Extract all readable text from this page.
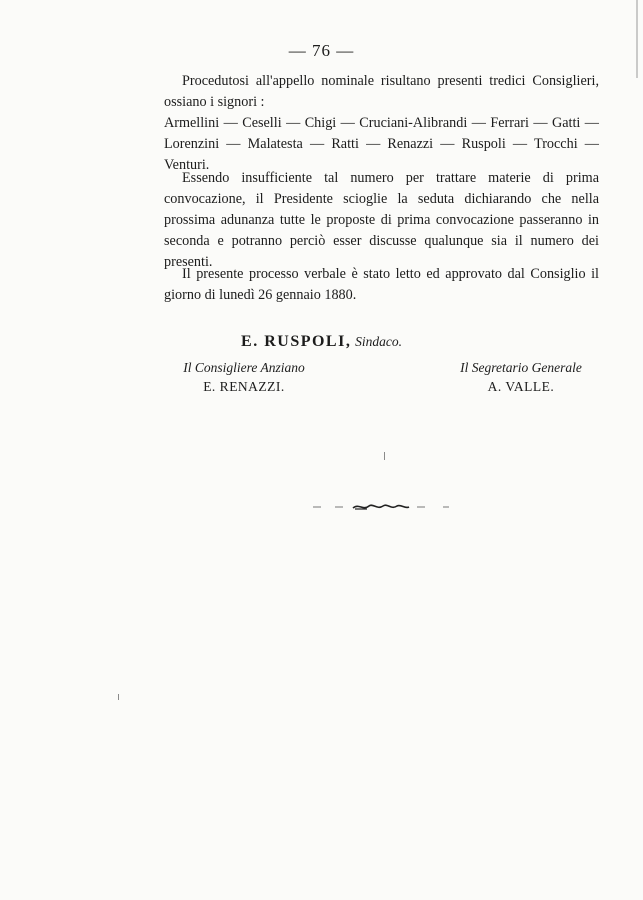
— 76 —

Procedutosi all'appello nominale risultano presenti tredici Consiglieri, ossiano i signori :

Armellini — Ceselli — Chigi — Cruciani-Alibrandi — Ferrari — Gatti — Lorenzini — Malatesta — Ratti — Renazzi — Ruspoli — Trocchi — Venturi.

Essendo insufficiente tal numero per trattare materie di prima convocazione, il Presidente scioglie la seduta dichiarando che nella prossima adunanza tutte le proposte di prima convocazione passeranno in seconda e potranno perciò esser discusse qualunque sia il numero dei presenti.

Il presente processo verbale è stato letto ed approvato dal Consiglio il giorno di lunedì 26 gennaio 1880.

E. RUSPOLI, Sindaco.
Il Consigliere Anziano
E. RENAZZI.
Il Segretario Generale
A. VALLE.
